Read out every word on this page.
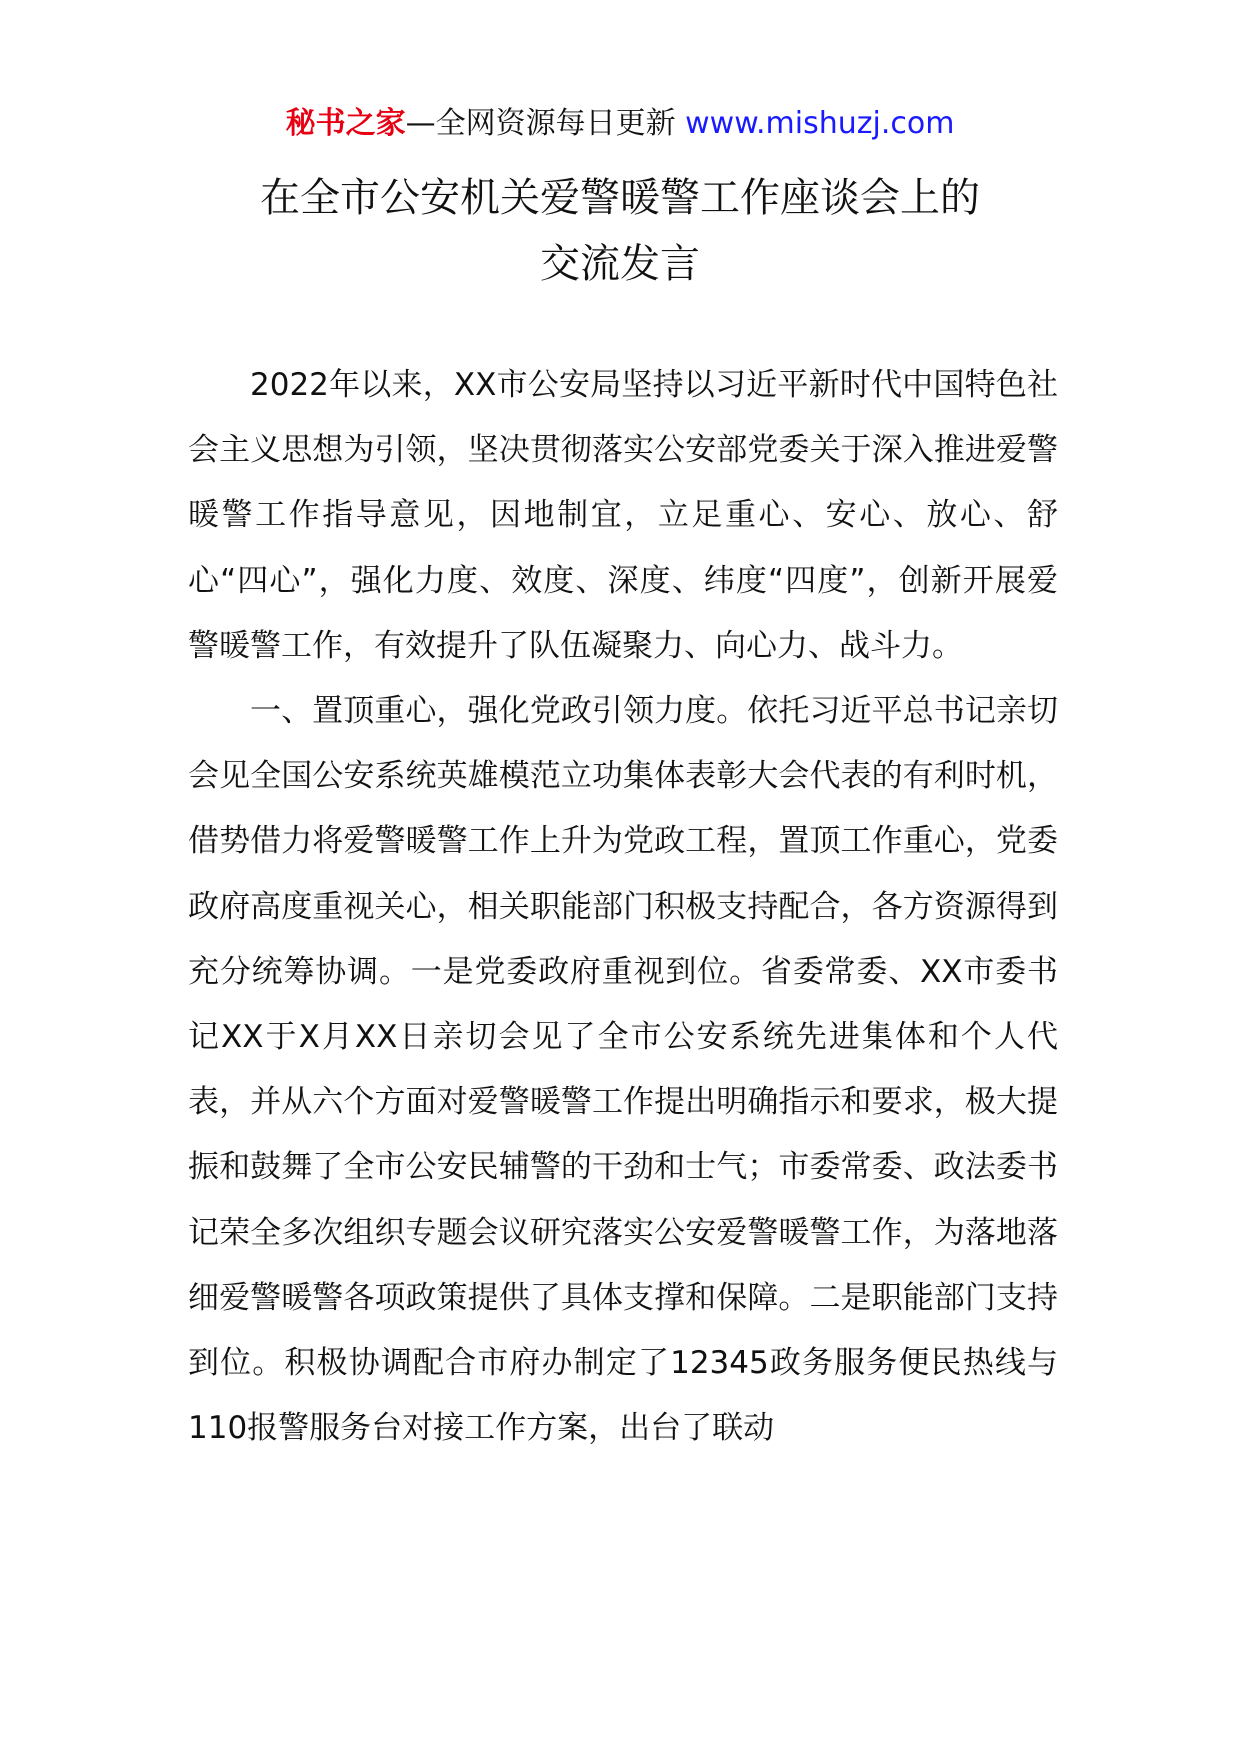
秘书之家—全网资源每日更新 www.mishuzj.com
在全市公安机关爱警暖警工作座谈会上的
交流发言

2022年以来，XX市公安局坚持以习近平新时代中国特色社会主义思想为引领，坚决贯彻落实公安部党委关于深入推进爱警暖警工作指导意见，因地制宜，立足重心、安心、放心、舒心“四心”，强化力度、效度、深度、纬度“四度”，创新开展爱警暖警工作，有效提升了队伍凝聚力、向心力、战斗力。

一、置顶重心，强化党政引领力度。依托习近平总书记亲切会见全国公安系统英雄模范立功集体表彰大会代表的有利时机，借势借力将爱警暖警工作上升为党政工程，置顶工作重心，党委政府高度重视关心，相关职能部门积极支持配合，各方资源得到充分统筹协调。一是党委政府重视到位。省委常委、XX市委书记XX于X月XX日亲切会见了全市公安系统先进集体和个人代表，并从六个方面对爱警暖警工作提出明确指示和要求，极大提振和鼓舞了全市公安民辅警的干劲和士气；市委常委、政法委书记荣全多次组织专题会议研究落实公安爱警暖警工作，为落地落细爱警暖警各项政策提供了具体支撑和保障。二是职能部门支持到位。积极协调配合市府办制定了12345政务服务便民热线与110报警服务台对接工作方案，出台了联动
